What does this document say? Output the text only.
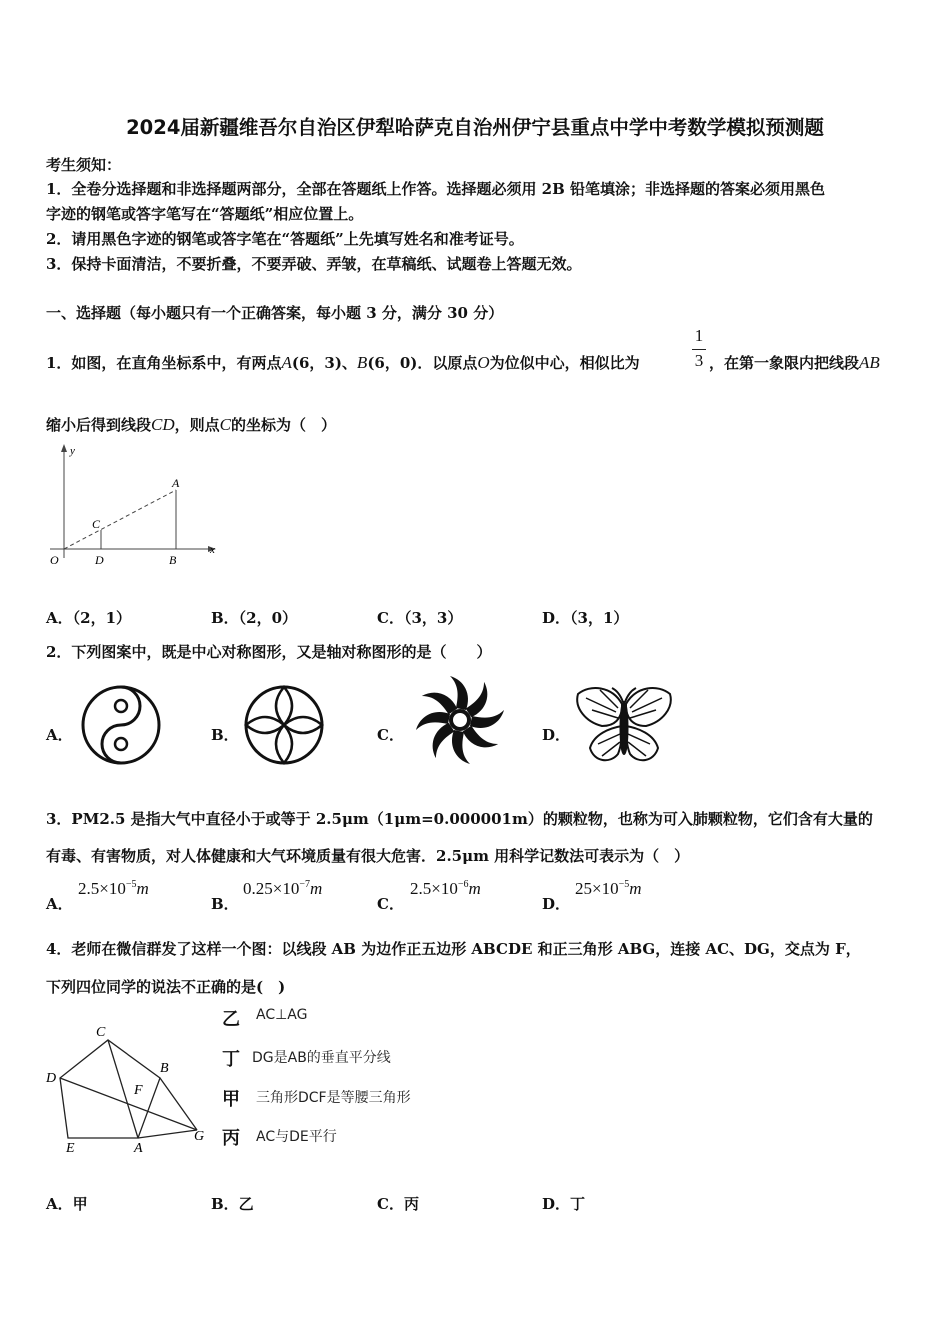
2024届新疆维吾尔自治区伊犁哈萨克自治州伊宁县重点中学中考数学模拟预测题
考生须知：
1．全卷分选择题和非选择题两部分，全部在答题纸上作答。选择题必须用 2B 铅笔填涂；非选择题的答案必须用黑色
字迹的钢笔或答字笔写在“答题纸”相应位置上。
2．请用黑色字迹的钢笔或答字笔在“答题纸”上先填写姓名和准考证号。
3．保持卡面清洁，不要折叠，不要弄破、弄皱，在草稿纸、试题卷上答题无效。
一、选择题（每小题只有一个正确答案，每小题 3 分，满分 30 分）
1．如图，在直角坐标系中，有两点A(6，3)、B(6，0)．以原点O为位似中心，相似比为
1
3 ，在第一象限内把线段AB
缩小后得到线段CD，则点C的坐标为（　）
y
x
O	D	B
C
A
A．（2，1）	B．（2，0）	C．（3，3）	D．（3，1）
2．下列图案中，既是中心对称图形，又是轴对称图形的是（　　）
A．	B．	C．	D．
3．PM2.5 是指大气中直径小于或等于 2.5μm（1μm=0.000001m）的颗粒物，也称为可入肺颗粒物，它们含有大量的
有毒、有害物质，对人体健康和大气环境质量有很大危害．2.5μm 用科学记数法可表示为（　）
A．
$2.5\times 10^{-5}m$
B．
$0.25\times 10^{-7}m$
C．
$2.5\times 10^{-6}m$
D．
$25\times 10^{-5}m$
4．老师在微信群发了这样一个图：以线段 AB 为边作正五边形 ABCDE 和正三角形 ABG，连接 AC、DG，交点为 F，
下列四位同学的说法不正确的是(　)
C
D
B
F
E	A
G
乙 AC⊥AG
丁 DG是AB的垂直平分线
甲 三角形DCF是等腰三角形
丙 AC与DE平行
A．甲	B．乙	C．丙	D．丁
